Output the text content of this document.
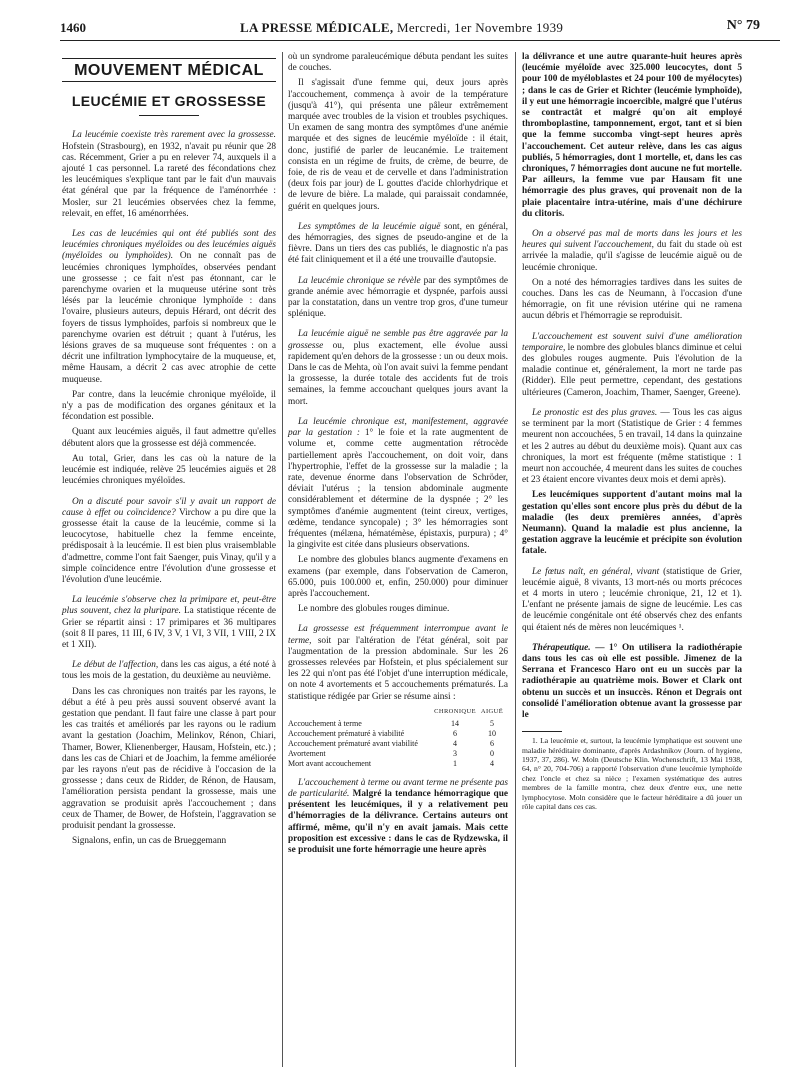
1460	LA PRESSE MÉDICALE, Mercredi, 1er Novembre 1939	N° 79
MOUVEMENT MÉDICAL
LEUCÉMIE ET GROSSESSE

La leucémie coexiste très rarement avec la grossesse. Hofstein (Strasbourg), en 1932, n'avait pu réunir que 28 cas. Récemment, Grier a pu en relever 74, auxquels il a ajouté 1 cas personnel. La rareté des fécondations chez les leucémiques s'explique tant par le fait d'un mauvais état général que par la fréquence de l'aménorrhée : Mosler, sur 21 leucémies observées chez la femme, relevait, en effet, 16 aménorrhées.

Les cas de leucémies qui ont été publiés sont des leucémies chroniques myéloïdes ou des leucémies aiguës (myéloïdes ou lymphoïdes). On ne connaît pas de leucémies chroniques lymphoïdes, observées pendant une grossesse ; ce fait n'est pas étonnant, car le parenchyme ovarien et la muqueuse utérine sont très lésés par la leucémie chronique lymphoïde : dans l'ovaire, plusieurs auteurs, depuis Hérard, ont décrit des foyers de tissus lymphoïdes, parfois si nombreux que le parenchyme ovarien est détruit ; quant à l'utérus, les lésions graves de sa muqueuse sont fréquentes : on a décrit une infiltration lymphocytaire de la muqueuse, et, même Hausam, a décrit 2 cas avec atrophie de cette muqueuse.

Par contre, dans la leucémie chronique myéloïde, il n'y a pas de modification des organes génitaux et la fécondation est possible.

Quant aux leucémies aiguës, il faut admettre qu'elles débutent alors que la grossesse est déjà commencée.

Au total, Grier, dans les cas où la nature de la leucémie est indiquée, relève 25 leucémies aiguës et 28 leucémies chroniques myéloïdes.

On a discuté pour savoir s'il y avait un rapport de cause à effet ou coïncidence? Virchow a pu dire que la grossesse était la cause de la leucémie, comme si la leucocytose, habituelle chez la femme enceinte, prédisposait à la leucémie. Il est bien plus vraisemblable d'admettre, comme l'ont fait Saenger, puis Vinay, qu'il y a simple coïncidence entre l'évolution d'une grossesse et l'évolution d'une leucémie.

La leucémie s'observe chez la primipare et, peut-être plus souvent, chez la pluripare. La statistique récente de Grier se répartit ainsi : 17 primipares et 36 multipares (soit 8 II pares, 11 III, 6 IV, 3 V, 1 VI, 3 VII, 1 VIII, 2 IX et 1 XII).

Le début de l'affection, dans les cas aigus, a été noté à tous les mois de la gestation, du deuxième au neuvième.

Dans les cas chroniques non traités par les rayons, le début a été à peu près aussi souvent observé avant la gestation que pendant. Il faut faire une classe à part pour les cas traités et améliorés par les rayons ou le radium avant la gestation (Joachim, Melinkov, Rénon, Chiari, Thamer, Bower, Klienenberger, Hausam, Hofstein, etc.) ; dans les cas de Chiari et de Joachim, la femme améliorée par les rayons n'eut pas de récidive à l'occasion de la grossesse ; dans ceux de Ridder, de Rénon, de Hausam, l'amélioration persista pendant la grossesse, mais une aggravation se produisit après l'accouchement ; dans ceux de Thamer, de Bower, de Hofstein, l'aggravation se produisit pendant la grossesse.

Signalons, enfin, un cas de Brueggemann

où un syndrome paraleucémique débuta pendant les suites de couches.

Il s'agissait d'une femme qui, deux jours après l'accouchement, commença à avoir de la température (jusqu'à 41°), qui présenta une pâleur extrêmement marquée avec troubles de la vision et troubles psychiques. Un examen de sang montra des symptômes d'une anémie marquée et des signes de leucémie myéloïde : il était, donc, justifié de parler de leucanémie. Le traitement consista en un régime de fruits, de crème, de beurre, de foie, de ris de veau et de cervelle et dans l'administration (deux fois par jour) de L gouttes d'acide chlorhydrique et de levure de bière. La malade, qui paraissait condamnée, guérit en quelques jours.

Les symptômes de la leucémie aiguë sont, en général, des hémorragies, des signes de pseudo-angine et de la fièvre. Dans un tiers des cas publiés, le diagnostic n'a pas été fait cliniquement et il a été une trouvaille d'autopsie.

La leucémie chronique se révèle par des symptômes de grande anémie avec hémorragie et dyspnée, parfois aussi par la constatation, dans un ventre trop gros, d'une tumeur splénique.

La leucémie aiguë ne semble pas être aggravée par la grossesse ou, plus exactement, elle évolue aussi rapidement qu'en dehors de la grossesse : un ou deux mois. Dans le cas de Mehta, où l'on avait suivi la femme pendant la grossesse, la durée totale des accidents fut de trois semaines, la femme accouchant quelques jours avant la mort.

La leucémie chronique est, manifestement, aggravée par la gestation : 1° le foie et la rate augmentent de volume et, comme cette augmentation rétrocède partiellement après l'accouchement, on doit voir, dans l'hypertrophie, l'effet de la grossesse sur la maladie ; la rate, devenue énorme dans l'observation de Schröder, déviait l'utérus ; la tension abdominale augmente considérablement et détermine de la dyspnée ; 2° les symptômes d'anémie augmentent (teint cireux, vertiges, œdème, tendance syncopale) ; 3° les hémorragies sont fréquentes (mélæna, hématémèse, épistaxis, purpura) ; 4° la gingivite est citée dans plusieurs observations.

Le nombre des globules blancs augmente d'examens en examens (par exemple, dans l'observation de Cameron, 65.000, puis 100.000 et, enfin, 250.000) pour diminuer après l'accouchement.

Le nombre des globules rouges diminue.

La grossesse est fréquemment interrompue avant le terme, soit par l'altération de l'état général, soit par l'augmentation de la pression abdominale. Sur les 26 grossesses relevées par Hofstein, et plus spécialement sur les 22 qui n'ont pas été l'objet d'une interruption médicale, on note 4 avortements et 5 accouchements prématurés. La statistique rédigée par Grier se résume ainsi :

	CHRONIQUE	AIGUË
Accouchement à terme	14	5
Accouchement prématuré à viabilité	6	10
Accouchement prématuré avant viabilité	4	6
Avortement	3	0
Mort avant accouchement	1	4

L'accouchement à terme ou avant terme ne présente pas de particularité. Malgré la tendance hémorragique que présentent les leucémiques, il y a relativement peu d'hémorragies de la délivrance. Certains auteurs ont affirmé, même, qu'il n'y en avait jamais. Mais cette proposition est excessive : dans le cas de Rydzewska, il se produisit une forte hémorragie une heure après

la délivrance et une autre quarante-huit heures après (leucémie myéloïde avec 325.000 leucocytes, dont 5 pour 100 de myéloblastes et 24 pour 100 de myélocytes) ; dans le cas de Grier et Richter (leucémie lymphoïde), il y eut une hémorragie incoercible, malgré que l'utérus se contractât et malgré qu'on ait employé thromboplastine, tamponnement, ergot, tant et si bien que la femme succomba vingt-sept heures après l'accouchement. Cet auteur relève, dans les cas aigus publiés, 5 hémorragies, dont 1 mortelle, et, dans les cas chroniques, 7 hémorragies dont aucune ne fut mortelle. Par ailleurs, la femme vue par Hausam fit une hémorragie des plus graves, qui provenait non de la plaie placentaire intra-utérine, mais d'une déchirure du clitoris.

On a observé pas mal de morts dans les jours et les heures qui suivent l'accouchement, du fait du stade où est arrivée la maladie, qu'il s'agisse de leucémie aiguë ou de leucémie chronique.

On a noté des hémorragies tardives dans les suites de couches. Dans les cas de Neumann, à l'occasion d'une hémorragie, on fit une révision utérine qui ne ramena aucun débris et l'hémorragie se reproduisit.

L'accouchement est souvent suivi d'une amélioration temporaire, le nombre des globules blancs diminue et celui des globules rouges augmente. Puis l'évolution de la maladie continue et, généralement, la mort ne tarde pas (Ridder). Elle peut permettre, cependant, des gestations ultérieures (Cameron, Joachim, Thamer, Saenger, Greene).

Le pronostic est des plus graves. — Tous les cas aigus se terminent par la mort (Statistique de Grier : 4 femmes meurent non accouchées, 5 en travail, 14 dans la quinzaine et les 2 autres au début du deuxième mois). Quant aux cas chroniques, la mort est fréquente (même statistique : 1 meurt non accouchée, 4 meurent dans les suites de couches et 23 étaient encore vivantes deux mois et demi après).

Les leucémiques supportent d'autant moins mal la gestation qu'elles sont encore plus près du début de la maladie (les deux premières années, d'après Neumann). Quand la maladie est plus ancienne, la gestation aggrave la leucémie et précipite son évolution fatale.

Le fœtus naît, en général, vivant (statistique de Grier, leucémie aiguë, 8 vivants, 13 mort-nés ou morts précoces et 4 morts in utero ; leucémie chronique, 21, 12 et 1). L'enfant ne présente jamais de signe de leucémie. Les cas de leucémie congénitale ont été observés chez des enfants qui étaient nés de mères non leucémiques ¹.

Thérapeutique. — 1° On utilisera la radiothérapie dans tous les cas où elle est possible. Jimenez de la Serrana et Francesco Haro ont eu un succès par la radiothérapie au quatrième mois. Bower et Clark ont obtenu un succès et un insuccès. Rénon et Degrais ont consolidé l'amélioration obtenue avant la grossesse par le

1. La leucémie et, surtout, la leucémie lymphatique est souvent une maladie héréditaire dominante, d'après Ardashnikov (Journ. of hygiene, 1937, 37, 286). W. Moln (Deutsche Klin. Wochenschrift, 13 Mai 1938, 64, n° 20, 704-706) a rapporté l'observation d'une leucémie lymphoïde chez l'oncle et chez sa nièce ; l'examen systématique des autres membres de la famille montra, chez deux d'entre eux, une nette lymphocytose. Moln considère que le facteur héréditaire a dû jouer un rôle capital dans ces cas.
